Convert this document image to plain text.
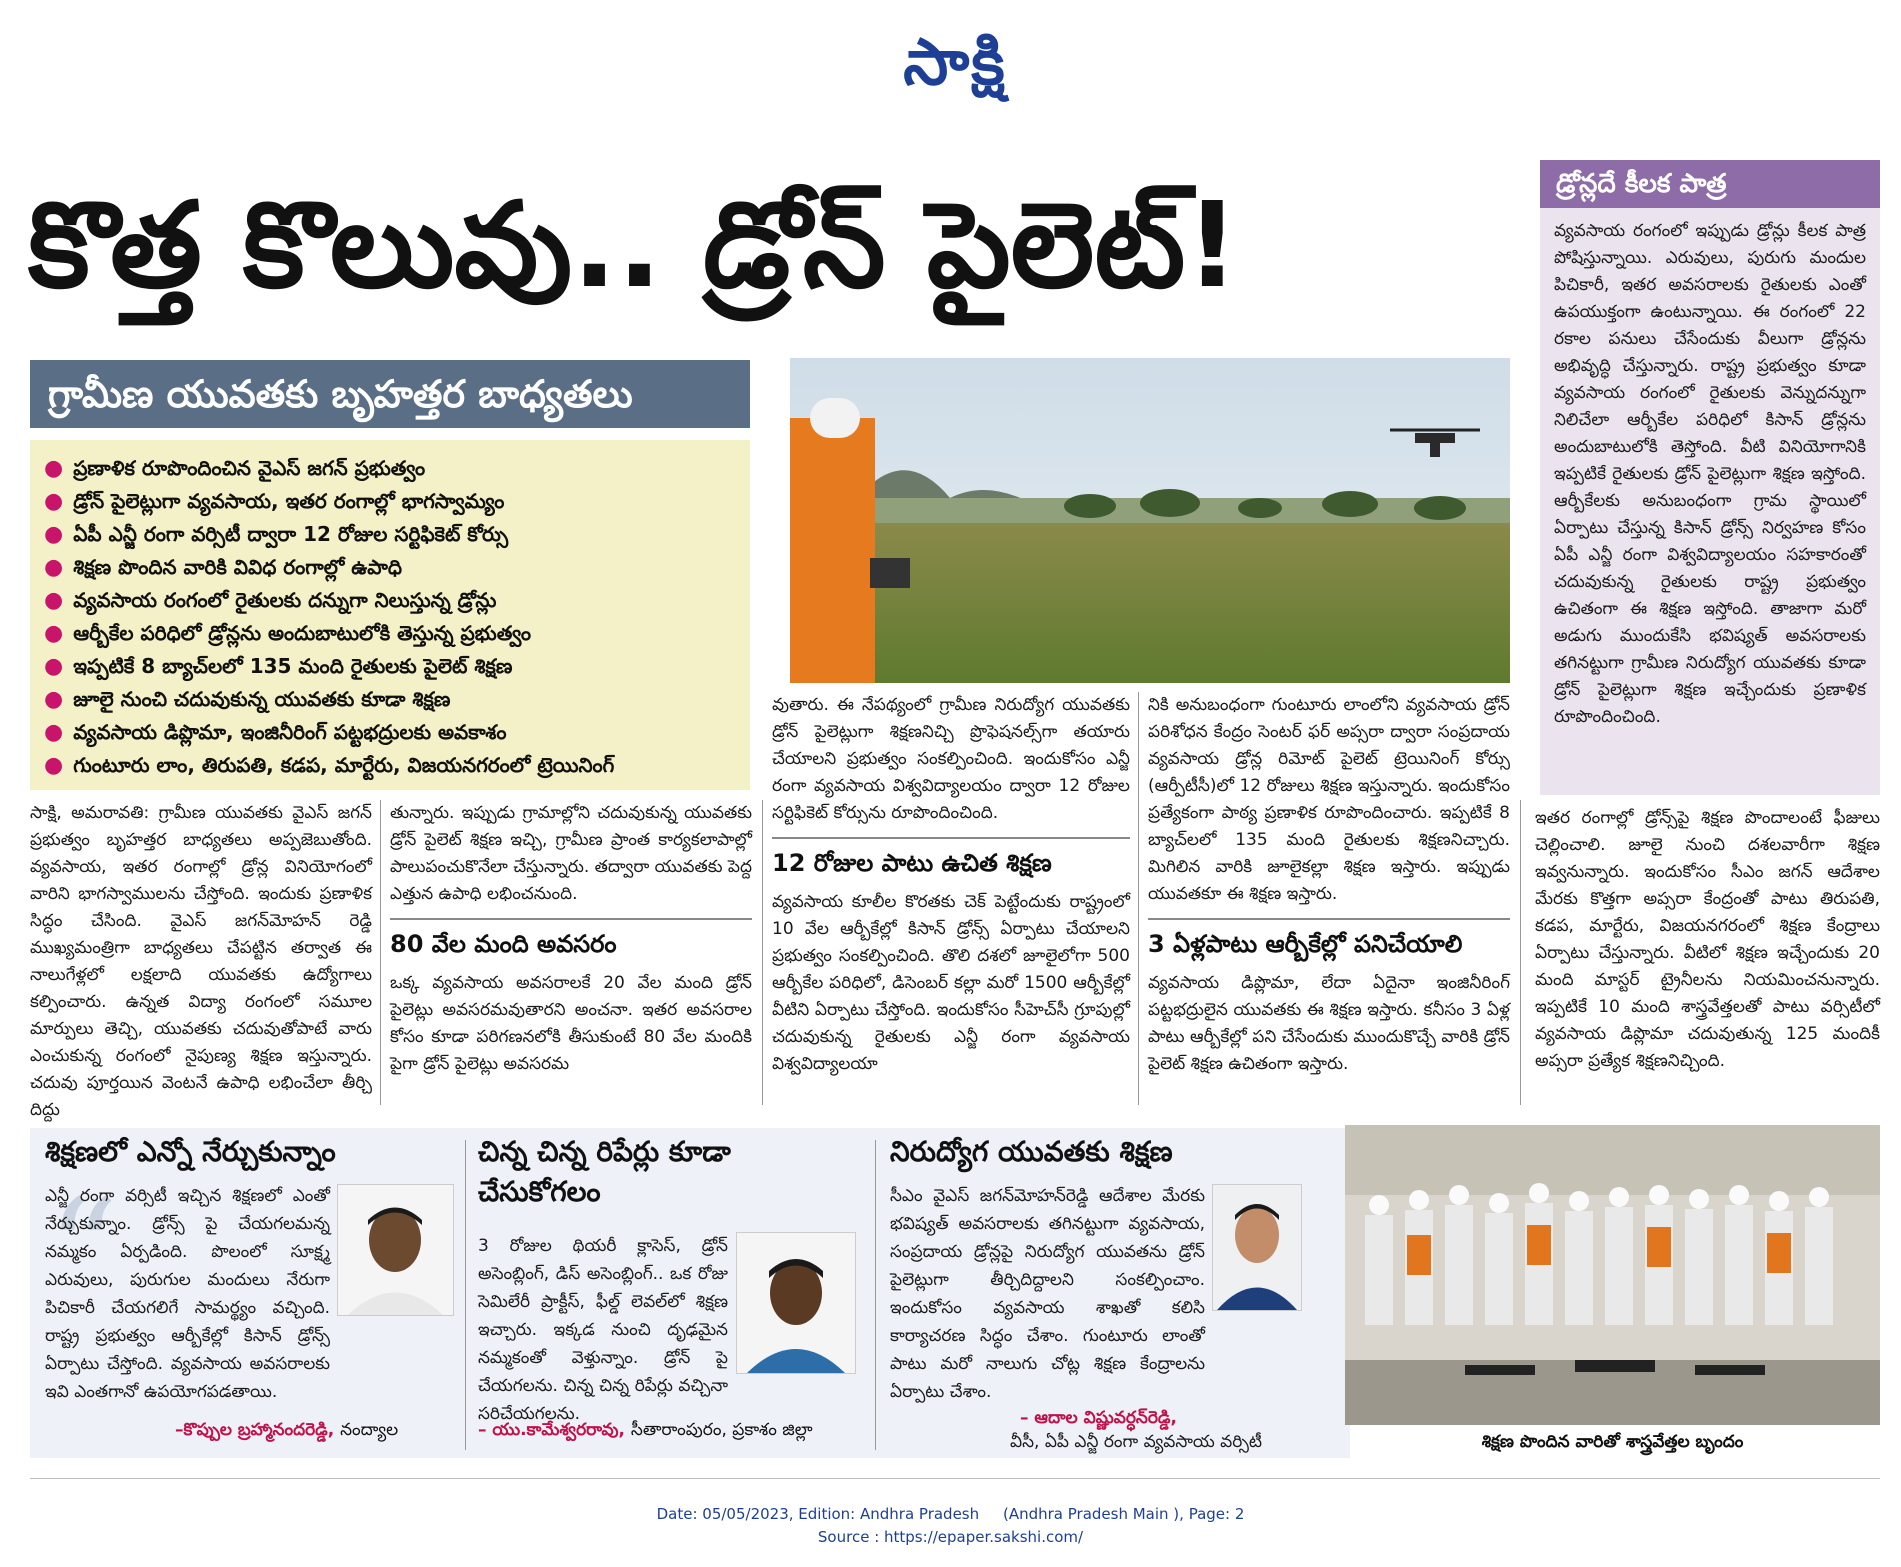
సాక్షి
కొత్త కొలువు.. డ్రోన్ పైలెట్!
గ్రామీణ యువతకు బృహత్తర బాధ్యతలు
● ప్రణాళిక రూపొందించిన వైఎస్ జగన్ ప్రభుత్వం
● డ్రోన్ పైలెట్లుగా వ్యవసాయ, ఇతర రంగాల్లో భాగస్వామ్యం
● ఏపీ ఎన్జీ రంగా వర్సిటీ ద్వారా 12 రోజుల సర్టిఫికెట్ కోర్సు
● శిక్షణ పొందిన వారికి వివిధ రంగాల్లో ఉపాధి
● వ్యవసాయ రంగంలో రైతులకు దన్నుగా నిలుస్తున్న డ్రోన్లు
● ఆర్బీకేల పరిధిలో డ్రోన్లను అందుబాటులోకి తెస్తున్న ప్రభుత్వం
● ఇప్పటికే 8 బ్యాచ్‌లలో 135 మంది రైతులకు పైలెట్ శిక్షణ
● జూలై నుంచి చదువుకున్న యువతకు కూడా శిక్షణ
● వ్యవసాయ డిప్లొమా, ఇంజినీరింగ్ పట్టభద్రులకు అవకాశం
● గుంటూరు లాం, తిరుపతి, కడప, మార్టేరు, విజయనగరంలో ట్రెయినింగ్
డ్రోన్లదే కీలక పాత్ర
వ్యవసాయ రంగంలో ఇప్పుడు డ్రోన్లు కీలక పాత్ర పోషిస్తున్నాయి. ఎరువులు, పురుగు మందుల పిచికారీ, ఇతర అవసరాలకు రైతులకు ఎంతో ఉపయుక్తంగా ఉంటున్నాయి. ఈ రంగంలో 22 రకాల పనులు చేసేందుకు వీలుగా డ్రోన్లను అభివృద్ధి చేస్తున్నారు. రాష్ట్ర ప్రభుత్వం కూడా వ్యవసాయ రంగంలో రైతులకు వెన్నుదన్నుగా నిలిచేలా ఆర్బీకేల పరిధిలో కిసాన్ డ్రోన్లను అందుబాటులోకి తెస్తోంది. వీటి వినియోగానికి ఇప్పటికే రైతులకు డ్రోన్ పైలెట్లుగా శిక్షణ ఇస్తోంది. ఆర్బీకేలకు అనుబంధంగా గ్రామ స్థాయిలో ఏర్పాటు చేస్తున్న కిసాన్ డ్రోన్స్ నిర్వహణ కోసం ఏపీ ఎన్జీ రంగా విశ్వవిద్యాలయం సహకారంతో చదువుకున్న రైతులకు రాష్ట్ర ప్రభుత్వం ఉచితంగా ఈ శిక్షణ ఇస్తోంది. తాజాగా మరో అడుగు ముందుకేసి భవిష్యత్ అవసరాలకు తగినట్టుగా గ్రామీణ నిరుద్యోగ యువతకు కూడా డ్రోన్ పైలెట్లుగా శిక్షణ ఇచ్చేందుకు ప్రణాళిక రూపొందించింది.

సాక్షి, అమరావతి: గ్రామీణ యువతకు వైఎస్ జగన్ ప్రభుత్వం బృహత్తర బాధ్యతలు అప్పజెబుతోంది. వ్యవసాయ, ఇతర రంగాల్లో డ్రోన్ల వినియోగంలో వారిని భాగస్వాములను చేస్తోంది. ఇందుకు ప్రణాళిక సిద్ధం చేసింది. వైఎస్ జగన్‌మోహన్ రెడ్డి ముఖ్యమంత్రిగా బాధ్యతలు చేపట్టిన తర్వాత ఈ నాలుగేళ్లలో లక్షలాది యువతకు ఉద్యోగాలు కల్పించారు. ఉన్నత విద్యా రంగంలో సమూల మార్పులు తెచ్చి, యువతకు చదువుతోపాటే వారు ఎంచుకున్న రంగంలో నైపుణ్య శిక్షణ ఇస్తున్నారు. చదువు పూర్తయిన వెంటనే ఉపాధి లభించేలా తీర్చి దిద్దు

తున్నారు. ఇప్పుడు గ్రామాల్లోని చదువుకున్న యువతకు డ్రోన్ పైలెట్ శిక్షణ ఇచ్చి, గ్రామీణ ప్రాంత కార్యకలాపాల్లో పాలుపంచుకొనేలా చేస్తున్నారు. తద్వారా యువతకు పెద్ద ఎత్తున ఉపాధి లభించనుంది.

80 వేల మంది అవసరం

ఒక్క వ్యవసాయ అవసరాలకే 20 వేల మంది డ్రోన్ పైలెట్లు అవసరమవుతారని అంచనా. ఇతర అవసరాల కోసం కూడా పరిగణనలోకి తీసుకుంటే 80 వేల మందికి పైగా డ్రోన్ పైలెట్లు అవసరమ

వుతారు. ఈ నేపథ్యంలో గ్రామీణ నిరుద్యోగ యువతకు డ్రోన్ పైలెట్లుగా శిక్షణనిచ్చి ప్రొఫెషనల్స్‌గా తయారు చేయాలని ప్రభుత్వం సంకల్పించింది. ఇందుకోసం ఎన్జీ రంగా వ్యవసాయ విశ్వవిద్యాలయం ద్వారా 12 రోజుల సర్టిఫికెట్ కోర్సును రూపొందించింది.

12 రోజుల పాటు ఉచిత శిక్షణ

వ్యవసాయ కూలీల కొరతకు చెక్ పెట్టేందుకు రాష్ట్రంలో 10 వేల ఆర్బీకేల్లో కిసాన్ డ్రోన్స్ ఏర్పాటు చేయాలని ప్రభుత్వం సంకల్పించింది. తొలి దశలో జూలైలోగా 500 ఆర్బీకేల పరిధిలో, డిసెంబర్ కల్లా మరో 1500 ఆర్బీకేల్లో వీటిని ఏర్పాటు చేస్తోంది. ఇందుకోసం సీహెచ్‌సీ గ్రూపుల్లో చదువుకున్న రైతులకు ఎన్జీ రంగా వ్యవసాయ విశ్వవిద్యాలయా

నికి అనుబంధంగా గుంటూరు లాంలోని వ్యవసాయ డ్రోన్ పరిశోధన కేంద్రం సెంటర్ ఫర్ అప్సరా ద్వారా సంప్రదాయ వ్యవసాయ డ్రోన్ల రిమోట్ పైలెట్ ట్రెయినింగ్ కోర్సు (ఆర్పీటీసీ)లో 12 రోజులు శిక్షణ ఇస్తున్నారు. ఇందుకోసం ప్రత్యేకంగా పాఠ్య ప్రణాళిక రూపొందించారు. ఇప్పటికే 8 బ్యాచ్‌లలో 135 మంది రైతులకు శిక్షణనిచ్చారు. మిగిలిన వారికి జూలైకల్లా శిక్షణ ఇస్తారు. ఇప్పుడు యువతకూ ఈ శిక్షణ ఇస్తారు.

3 ఏళ్లపాటు ఆర్బీకేల్లో పనిచేయాలి

వ్యవసాయ డిప్లొమా, లేదా ఏదైనా ఇంజినీరింగ్ పట్టభద్రులైన యువతకు ఈ శిక్షణ ఇస్తారు. కనీసం 3 ఏళ్ల పాటు ఆర్బీకేల్లో పని చేసేందుకు ముందుకొచ్చే వారికి డ్రోన్ పైలెట్ శిక్షణ ఉచితంగా ఇస్తారు.

ఇతర రంగాల్లో డ్రోన్స్‌పై శిక్షణ పొందాలంటే ఫీజులు చెల్లించాలి. జూలై నుంచి దశలవారీగా శిక్షణ ఇవ్వనున్నారు. ఇందుకోసం సీఎం జగన్ ఆదేశాల మేరకు కొత్తగా అప్సరా కేంద్రంతో పాటు తిరుపతి, కడప, మార్టేరు, విజయనగరంలో శిక్షణ కేంద్రాలు ఏర్పాటు చేస్తున్నారు. వీటిలో శిక్షణ ఇచ్చేందుకు 20 మంది మాస్టర్ ట్రైనీలను నియమించనున్నారు. ఇప్పటికే 10 మంది శాస్త్రవేత్తలతో పాటు వర్సిటీలో వ్యవసాయ డిప్లొమా చదువుతున్న 125 మందికీ అప్సరా ప్రత్యేక శిక్షణనిచ్చింది.

“
శిక్షణలో ఎన్నో నేర్చుకున్నాం
ఎన్జీ రంగా వర్సిటీ ఇచ్చిన శిక్షణలో ఎంతో నేర్చుకున్నాం. డ్రోన్స్ పై చేయగలమన్న నమ్మకం ఏర్పడింది. పొలంలో సూక్ష్మ ఎరువులు, పురుగుల మందులు నేరుగా పిచికారీ చేయగలిగే సామర్థ్యం వచ్చింది. రాష్ట్ర ప్రభుత్వం ఆర్బీకేల్లో కిసాన్ డ్రోన్స్ ఏర్పాటు చేస్తోంది. వ్యవసాయ అవసరాలకు ఇవి ఎంతగానో ఉపయోగపడతాయి.
–కొప్పుల బ్రహ్మానందరెడ్డి, నంద్యాల
చిన్న చిన్న రిపేర్లు కూడా చేసుకోగలం
3 రోజుల థియరీ క్లాసెస్, డ్రోన్ అసెంబ్లింగ్, డిస్ అసెంబ్లింగ్.. ఒక రోజు సెమిలేరీ ప్రాక్టీస్, ఫీల్డ్ లెవల్‌లో శిక్షణ ఇచ్చారు. ఇక్కడ నుంచి దృఢమైన నమ్మకంతో వెళ్తున్నాం. డ్రోన్ పై చేయగలను. చిన్న చిన్న రిపేర్లు వచ్చినా సరిచేయగలను.
– యు.కామేశ్వరరావు, సీతారాంపురం, ప్రకాశం జిల్లా
నిరుద్యోగ యువతకు శిక్షణ
సీఎం వైఎస్ జగన్‌మోహన్‌రెడ్డి ఆదేశాల మేరకు భవిష్యత్ అవసరాలకు తగినట్టుగా వ్యవసాయ, సంప్రదాయ డ్రోన్లపై నిరుద్యోగ యువతను డ్రోన్ పైలెట్లుగా తీర్చిదిద్దాలని సంకల్పించాం. ఇందుకోసం వ్యవసాయ శాఖతో కలిసి కార్యాచరణ సిద్ధం చేశాం. గుంటూరు లాంతో పాటు మరో నాలుగు చోట్ల శిక్షణ కేంద్రాలను ఏర్పాటు చేశాం.
– ఆదాల విష్ణువర్ధన్‌రెడ్డి,
వీసీ, ఏపీ ఎన్జీ రంగా వ్యవసాయ వర్సిటీ	శిక్షణ పొందిన వారితో శాస్త్రవేత్తల బృందం
Date: 05/05/2023, Edition: Andhra Pradesh     (Andhra Pradesh Main ), Page: 2
Source : https://epaper.sakshi.com/
